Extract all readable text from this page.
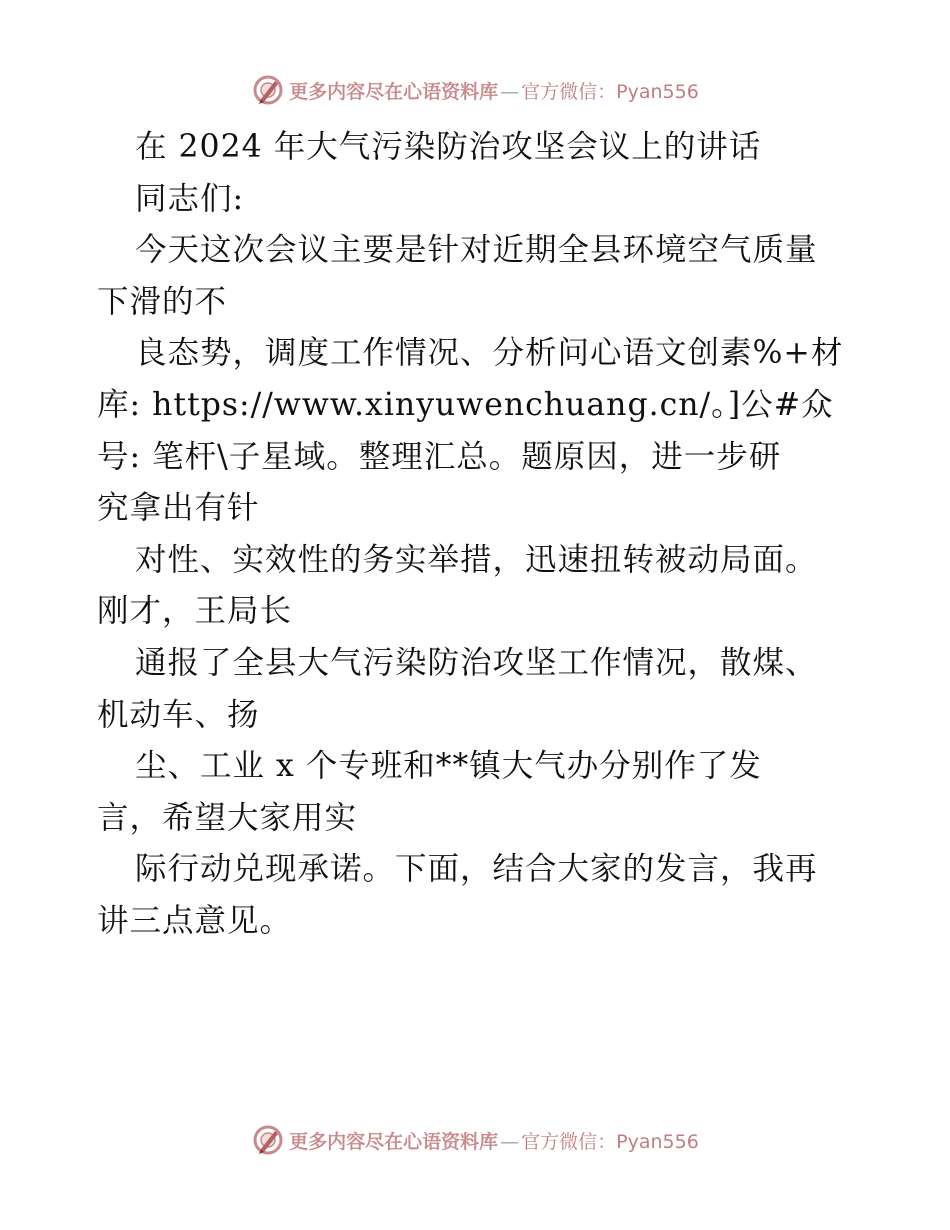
更多内容尽在心语资料库 — 官方微信：Pyan556
在 2024 年大气污染防治攻坚会议上的讲话
同志们:
今天这次会议主要是针对近期全县环境空气质量
下滑的不
良态势，调度工作情况、分析问心语文创素%+材
库: https://www.xinyuwenchuang.cn/。]公#众
号: 笔杆\子星域。整理汇总。题原因，进一步研
究拿出有针
对性、实效性的务实举措，迅速扭转被动局面。
刚才，王局长
通报了全县大气污染防治攻坚工作情况，散煤、
机动车、扬
尘、工业 x 个专班和**镇大气办分别作了发
言，希望大家用实
际行动兑现承诺。下面，结合大家的发言，我再
讲三点意见。
更多内容尽在心语资料库 — 官方微信：Pyan556
